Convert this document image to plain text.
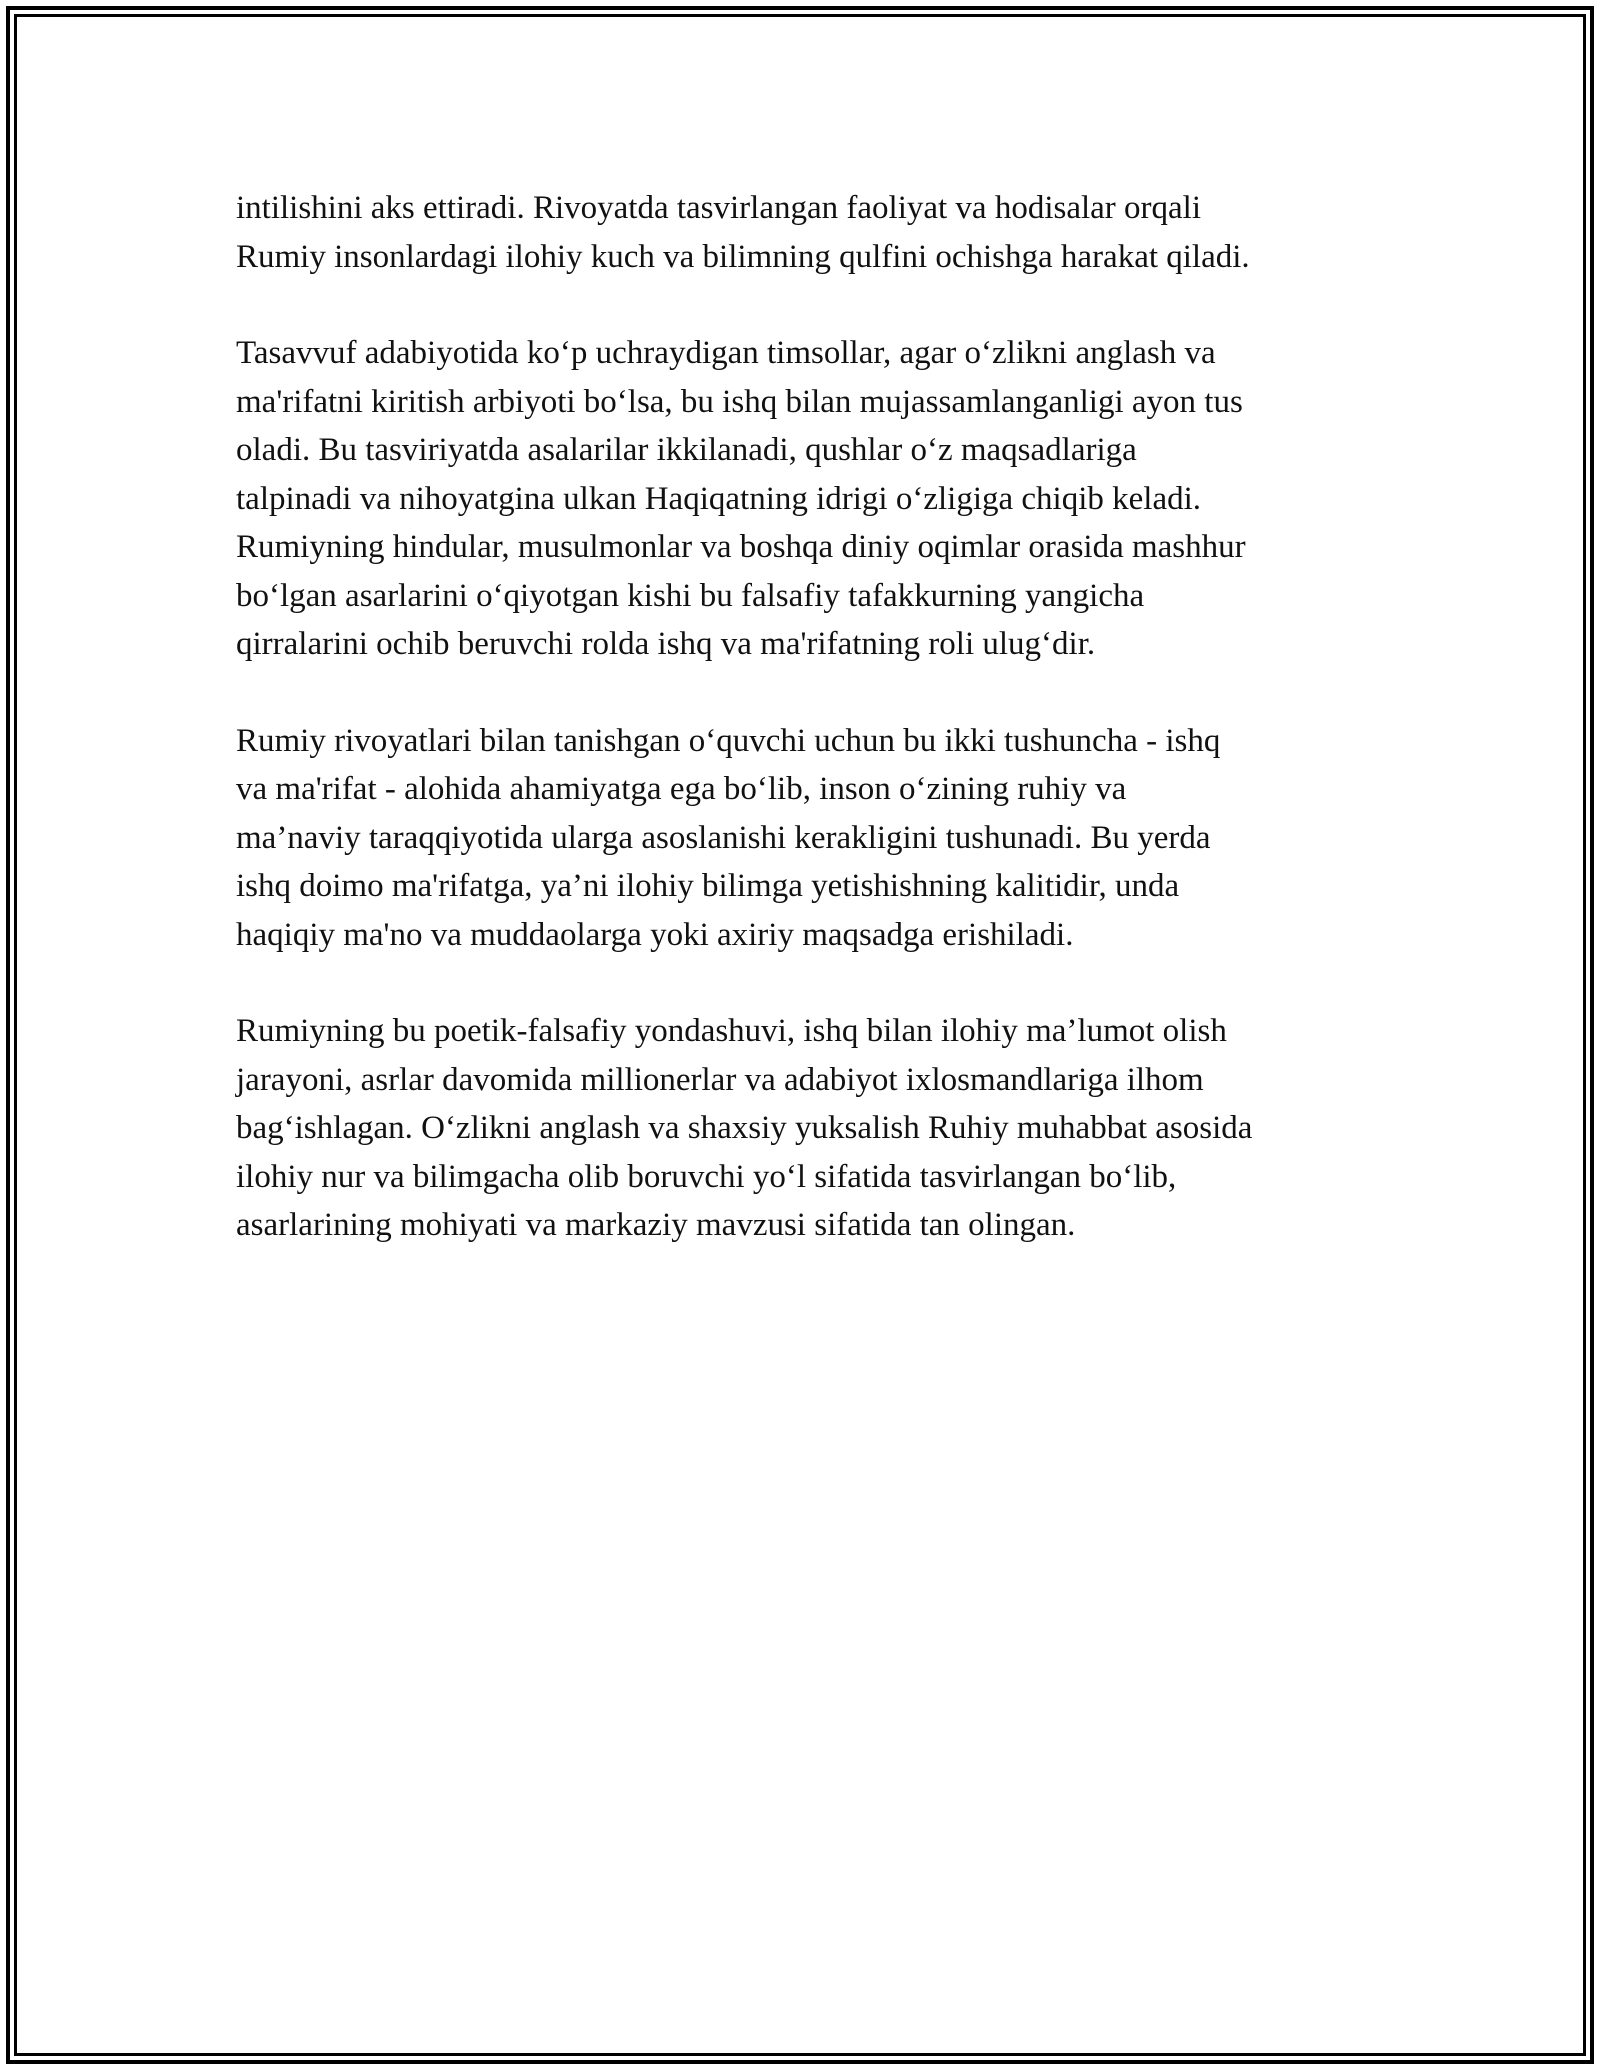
intilishini aks ettiradi. Rivoyatda tasvirlangan faoliyat va hodisalar orqali
Rumiy insonlardagi ilohiy kuch va bilimning qulfini ochishga harakat qiladi.

Tasavvuf adabiyotida ko‘p uchraydigan timsollar, agar o‘zlikni anglash va
ma'rifatni kiritish arbiyoti bo‘lsa, bu ishq bilan mujassamlanganligi ayon tus
oladi. Bu tasviriyatda asalarilar ikkilanadi, qushlar o‘z maqsadlariga
talpinadi va nihoyatgina ulkan Haqiqatning idrigi o‘zligiga chiqib keladi.
Rumiyning hindular, musulmonlar va boshqa diniy oqimlar orasida mashhur
bo‘lgan asarlarini o‘qiyotgan kishi bu falsafiy tafakkurning yangicha
qirralarini ochib beruvchi rolda ishq va ma'rifatning roli ulug‘dir.

Rumiy rivoyatlari bilan tanishgan o‘quvchi uchun bu ikki tushuncha - ishq
va ma'rifat - alohida ahamiyatga ega bo‘lib, inson o‘zining ruhiy va
ma’naviy taraqqiyotida ularga asoslanishi kerakligini tushunadi. Bu yerda
ishq doimo ma'rifatga, ya’ni ilohiy bilimga yetishishning kalitidir, unda
haqiqiy ma'no va muddaolarga yoki axiriy maqsadga erishiladi.

Rumiyning bu poetik-falsafiy yondashuvi, ishq bilan ilohiy ma’lumot olish
jarayoni, asrlar davomida millionerlar va adabiyot ixlosmandlariga ilhom
bag‘ishlagan. O‘zlikni anglash va shaxsiy yuksalish Ruhiy muhabbat asosida
ilohiy nur va bilimgacha olib boruvchi yo‘l sifatida tasvirlangan bo‘lib,
asarlarining mohiyati va markaziy mavzusi sifatida tan olingan.
